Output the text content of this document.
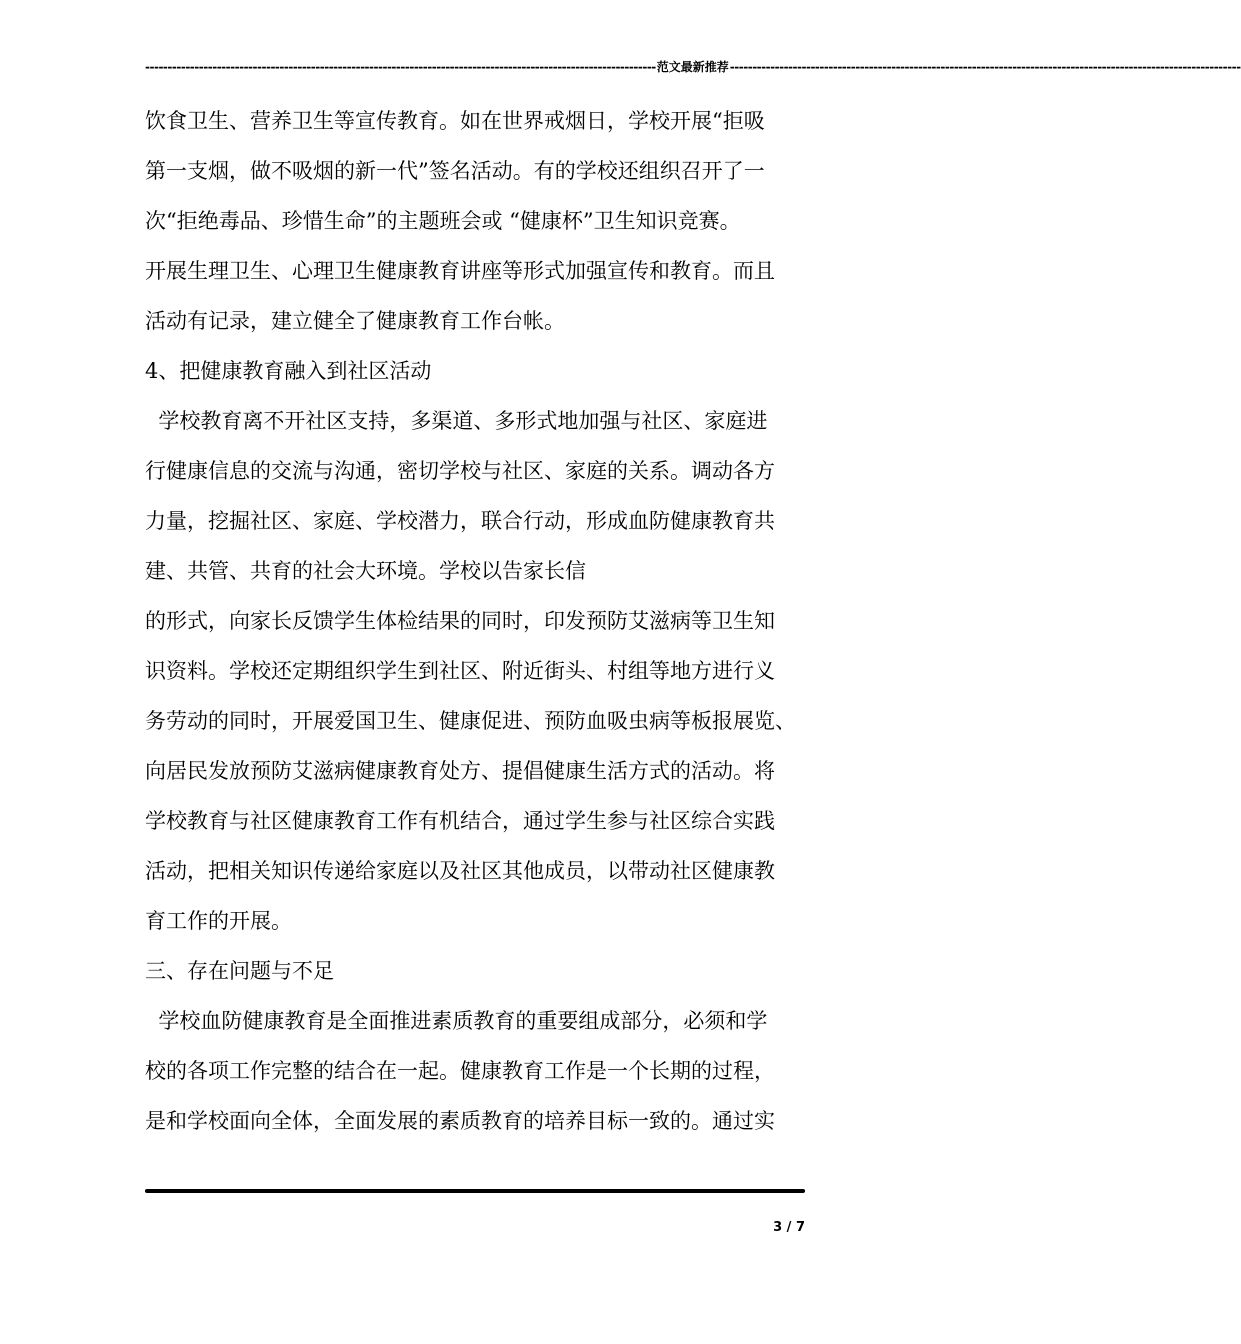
------------------------------------------------------------------------------------------------------------------ 范文最新推荐 ------------------------------------------------------------------------------------------------------------------
饮食卫生、营养卫生等宣传教育。如在世界戒烟日，学校开展“拒吸
第一支烟，做不吸烟的新一代”签名活动。有的学校还组织召开了一
次“拒绝毒品、珍惜生命”的主题班会或 “健康杯”卫生知识竞赛。
开展生理卫生、心理卫生健康教育讲座等形式加强宣传和教育。而且
活动有记录，建立健全了健康教育工作台帐。
4、把健康教育融入到社区活动
学校教育离不开社区支持，多渠道、多形式地加强与社区、家庭进
行健康信息的交流与沟通，密切学校与社区、家庭的关系。调动各方
力量，挖掘社区、家庭、学校潜力，联合行动，形成血防健康教育共
建、共管、共育的社会大环境。学校以告家长信
的形式，向家长反馈学生体检结果的同时，印发预防艾滋病等卫生知
识资料。学校还定期组织学生到社区、附近街头、村组等地方进行义
务劳动的同时，开展爱国卫生、健康促进、预防血吸虫病等板报展览、
向居民发放预防艾滋病健康教育处方、提倡健康生活方式的活动。将
学校教育与社区健康教育工作有机结合，通过学生参与社区综合实践
活动，把相关知识传递给家庭以及社区其他成员，以带动社区健康教
育工作的开展。
三、存在问题与不足
学校血防健康教育是全面推进素质教育的重要组成部分，必须和学
校的各项工作完整的结合在一起。健康教育工作是一个长期的过程，
是和学校面向全体，全面发展的素质教育的培养目标一致的。通过实
3 / 7
